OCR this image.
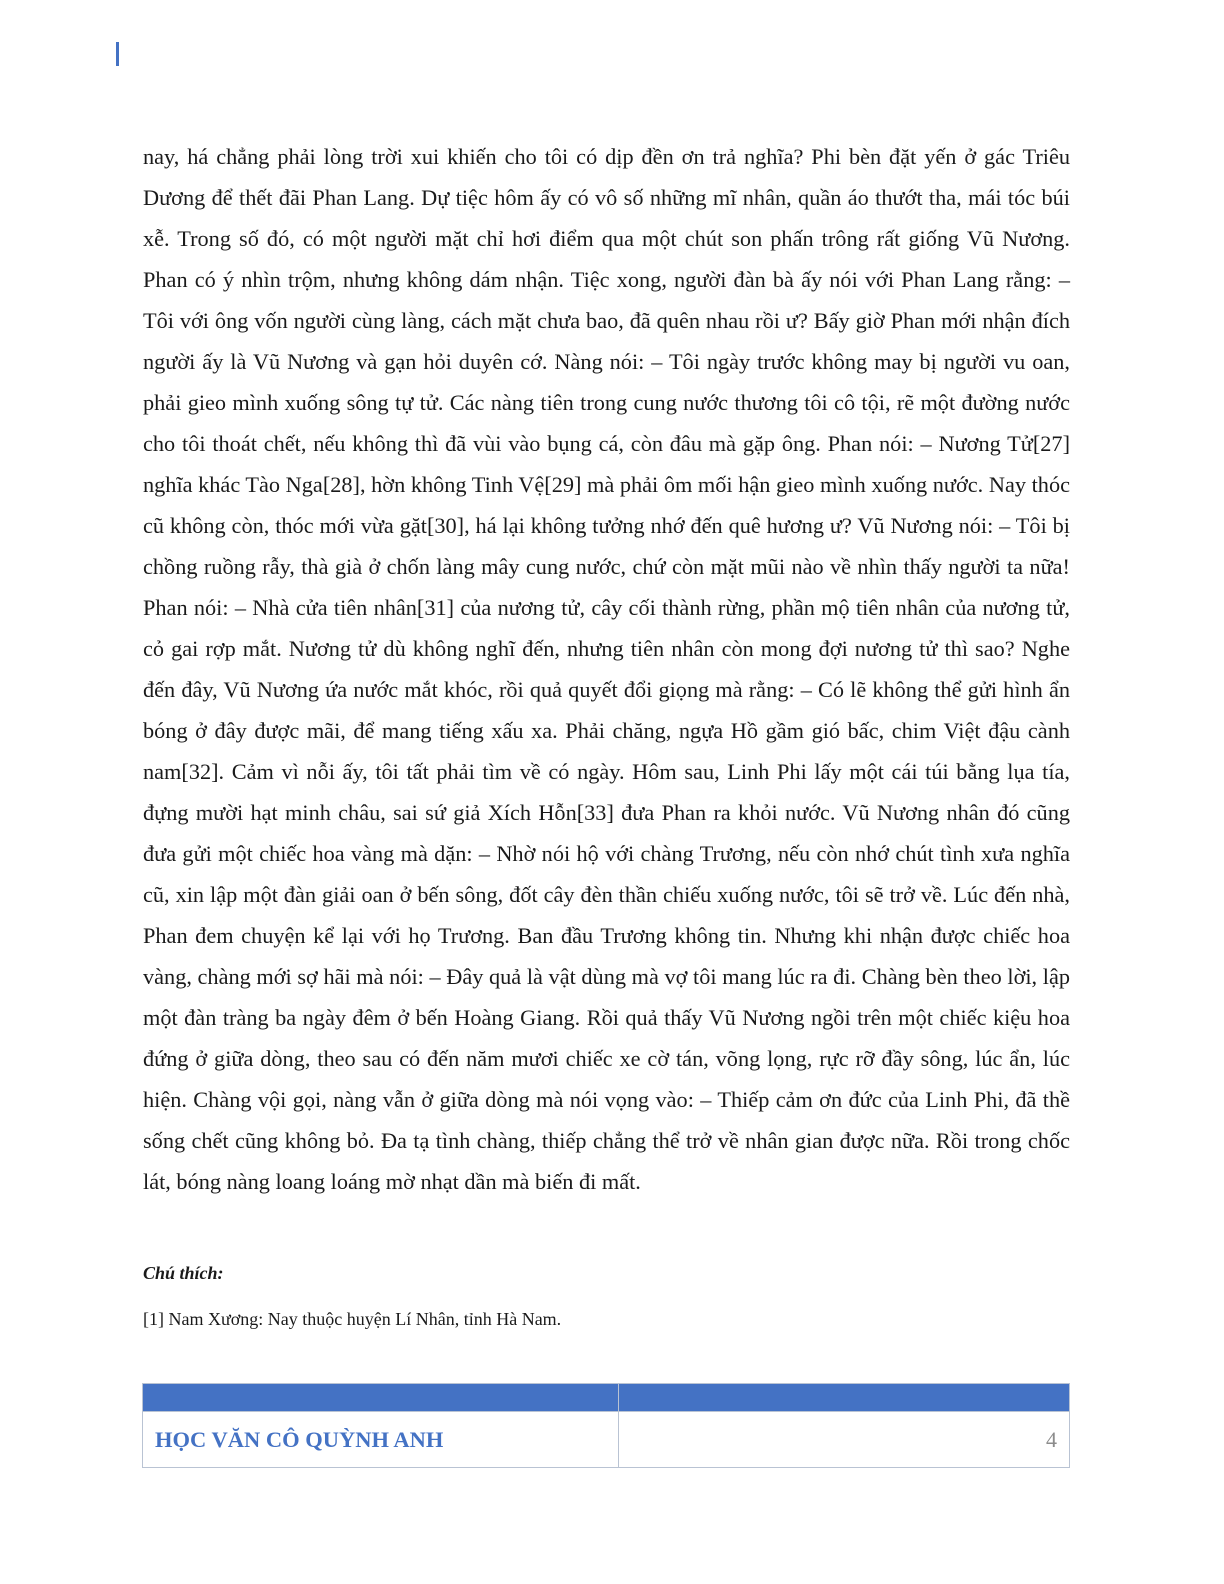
nay, há chẳng phải lòng trời xui khiến cho tôi có dịp đền ơn trả nghĩa? Phi bèn đặt yến ở gác Triêu Dương để thết đãi Phan Lang. Dự tiệc hôm ấy có vô số những mĩ nhân, quần áo thướt tha, mái tóc búi xễ. Trong số đó, có một người mặt chỉ hơi điểm qua một chút son phấn trông rất giống Vũ Nương. Phan có ý nhìn trộm, nhưng không dám nhận. Tiệc xong, người đàn bà ấy nói với Phan Lang rằng: – Tôi với ông vốn người cùng làng, cách mặt chưa bao, đã quên nhau rồi ư? Bấy giờ Phan mới nhận đích người ấy là Vũ Nương và gạn hỏi duyên cớ. Nàng nói: – Tôi ngày trước không may bị người vu oan, phải gieo mình xuống sông tự tử. Các nàng tiên trong cung nước thương tôi cô tội, rẽ một đường nước cho tôi thoát chết, nếu không thì đã vùi vào bụng cá, còn đâu mà gặp ông. Phan nói: – Nương Tử[27] nghĩa khác Tào Nga[28], hờn không Tinh Vệ[29] mà phải ôm mối hận gieo mình xuống nước. Nay thóc cũ không còn, thóc mới vừa gặt[30], há lại không tưởng nhớ đến quê hương ư? Vũ Nương nói: – Tôi bị chồng ruồng rẫy, thà già ở chốn làng mây cung nước, chứ còn mặt mũi nào về nhìn thấy người ta nữa! Phan nói: – Nhà cửa tiên nhân[31] của nương tử, cây cối thành rừng, phần mộ tiên nhân của nương tử, cỏ gai rợp mắt. Nương tử dù không nghĩ đến, nhưng tiên nhân còn mong đợi nương tử thì sao? Nghe đến đây, Vũ Nương ứa nước mắt khóc, rồi quả quyết đổi giọng mà rằng: – Có lẽ không thể gửi hình ẩn bóng ở đây được mãi, để mang tiếng xấu xa. Phải chăng, ngựa Hồ gầm gió bấc, chim Việt đậu cành nam[32]. Cảm vì nỗi ấy, tôi tất phải tìm về có ngày. Hôm sau, Linh Phi lấy một cái túi bằng lụa tía, đựng mười hạt minh châu, sai sứ giả Xích Hỗn[33] đưa Phan ra khỏi nước. Vũ Nương nhân đó cũng đưa gửi một chiếc hoa vàng mà dặn: – Nhờ nói hộ với chàng Trương, nếu còn nhớ chút tình xưa nghĩa cũ, xin lập một đàn giải oan ở bến sông, đốt cây đèn thần chiếu xuống nước, tôi sẽ trở về. Lúc đến nhà, Phan đem chuyện kể lại với họ Trương. Ban đầu Trương không tin. Nhưng khi nhận được chiếc hoa vàng, chàng mới sợ hãi mà nói: – Đây quả là vật dùng mà vợ tôi mang lúc ra đi. Chàng bèn theo lời, lập một đàn tràng ba ngày đêm ở bến Hoàng Giang. Rồi quả thấy Vũ Nương ngồi trên một chiếc kiệu hoa đứng ở giữa dòng, theo sau có đến năm mươi chiếc xe cờ tán, võng lọng, rực rỡ đầy sông, lúc ẩn, lúc hiện. Chàng vội gọi, nàng vẫn ở giữa dòng mà nói vọng vào: – Thiếp cảm ơn đức của Linh Phi, đã thề sống chết cũng không bỏ. Đa tạ tình chàng, thiếp chẳng thể trở về nhân gian được nữa. Rồi trong chốc lát, bóng nàng loang loáng mờ nhạt dần mà biến đi mất.

Chú thích:

[1] Nam Xương: Nay thuộc huyện Lí Nhân, tỉnh Hà Nam.

HỌC VĂN CÔ QUỲNH ANH	4
